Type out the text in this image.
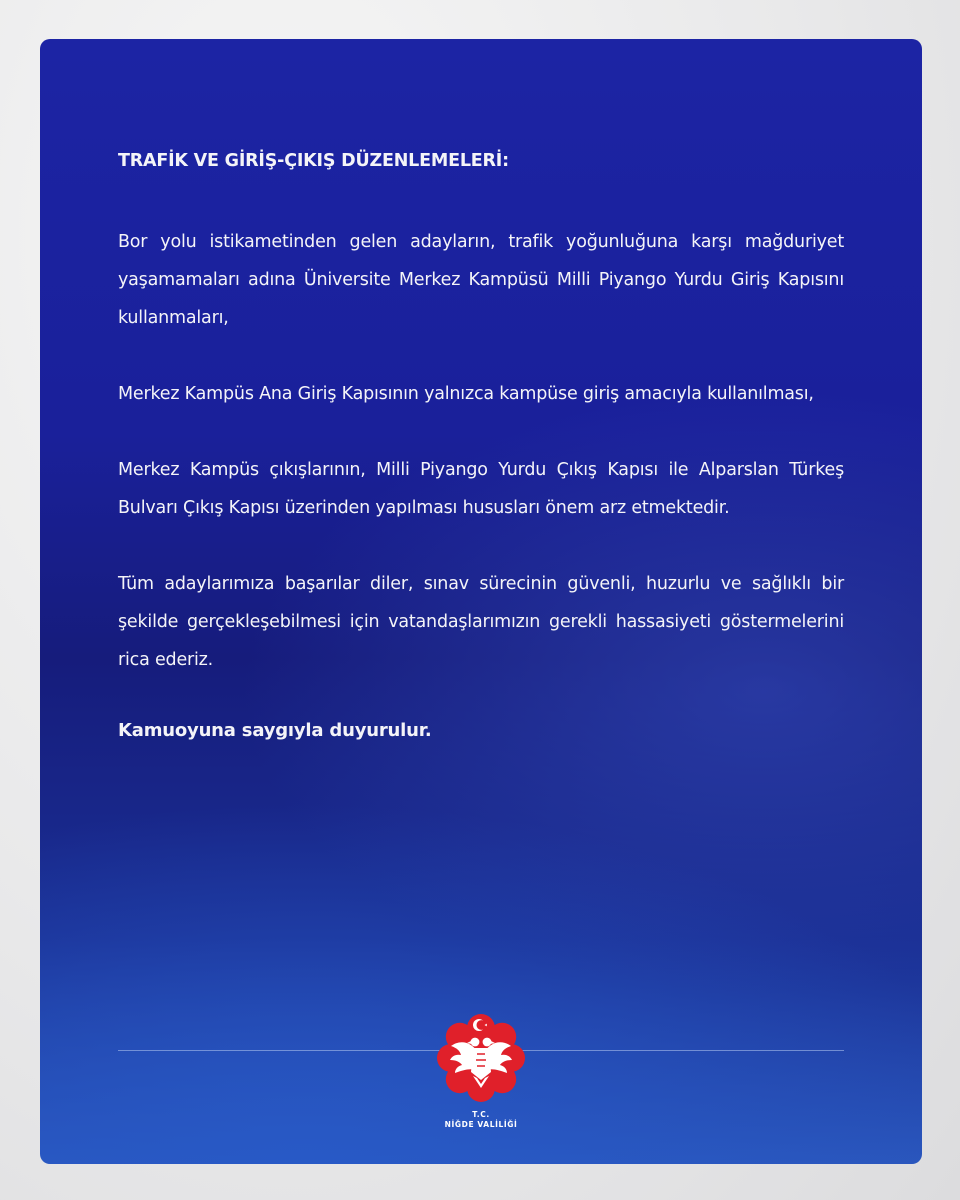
TRAFİK VE GİRİŞ-ÇIKIŞ DÜZENLEMELERİ:

Bor yolu istikametinden gelen adayların, trafik yoğunluğuna karşı mağduriyet yaşamamaları adına Üniversite Merkez Kampüsü Milli Piyango Yurdu Giriş Kapısını kullanmaları,

Merkez Kampüs Ana Giriş Kapısının yalnızca kampüse giriş amacıyla kullanılması,

Merkez Kampüs çıkışlarının, Milli Piyango Yurdu Çıkış Kapısı ile Alparslan Türkeş Bulvarı Çıkış Kapısı üzerinden yapılması hususları önem arz etmektedir.

Tüm adaylarımıza başarılar diler, sınav sürecinin güvenli, huzurlu ve sağlıklı bir şekilde gerçekleşebilmesi için vatandaşlarımızın gerekli hassasiyeti göstermelerini rica ederiz.

Kamuoyuna saygıyla duyurulur.

T.C.
NİĞDE VALİLİĞİ
